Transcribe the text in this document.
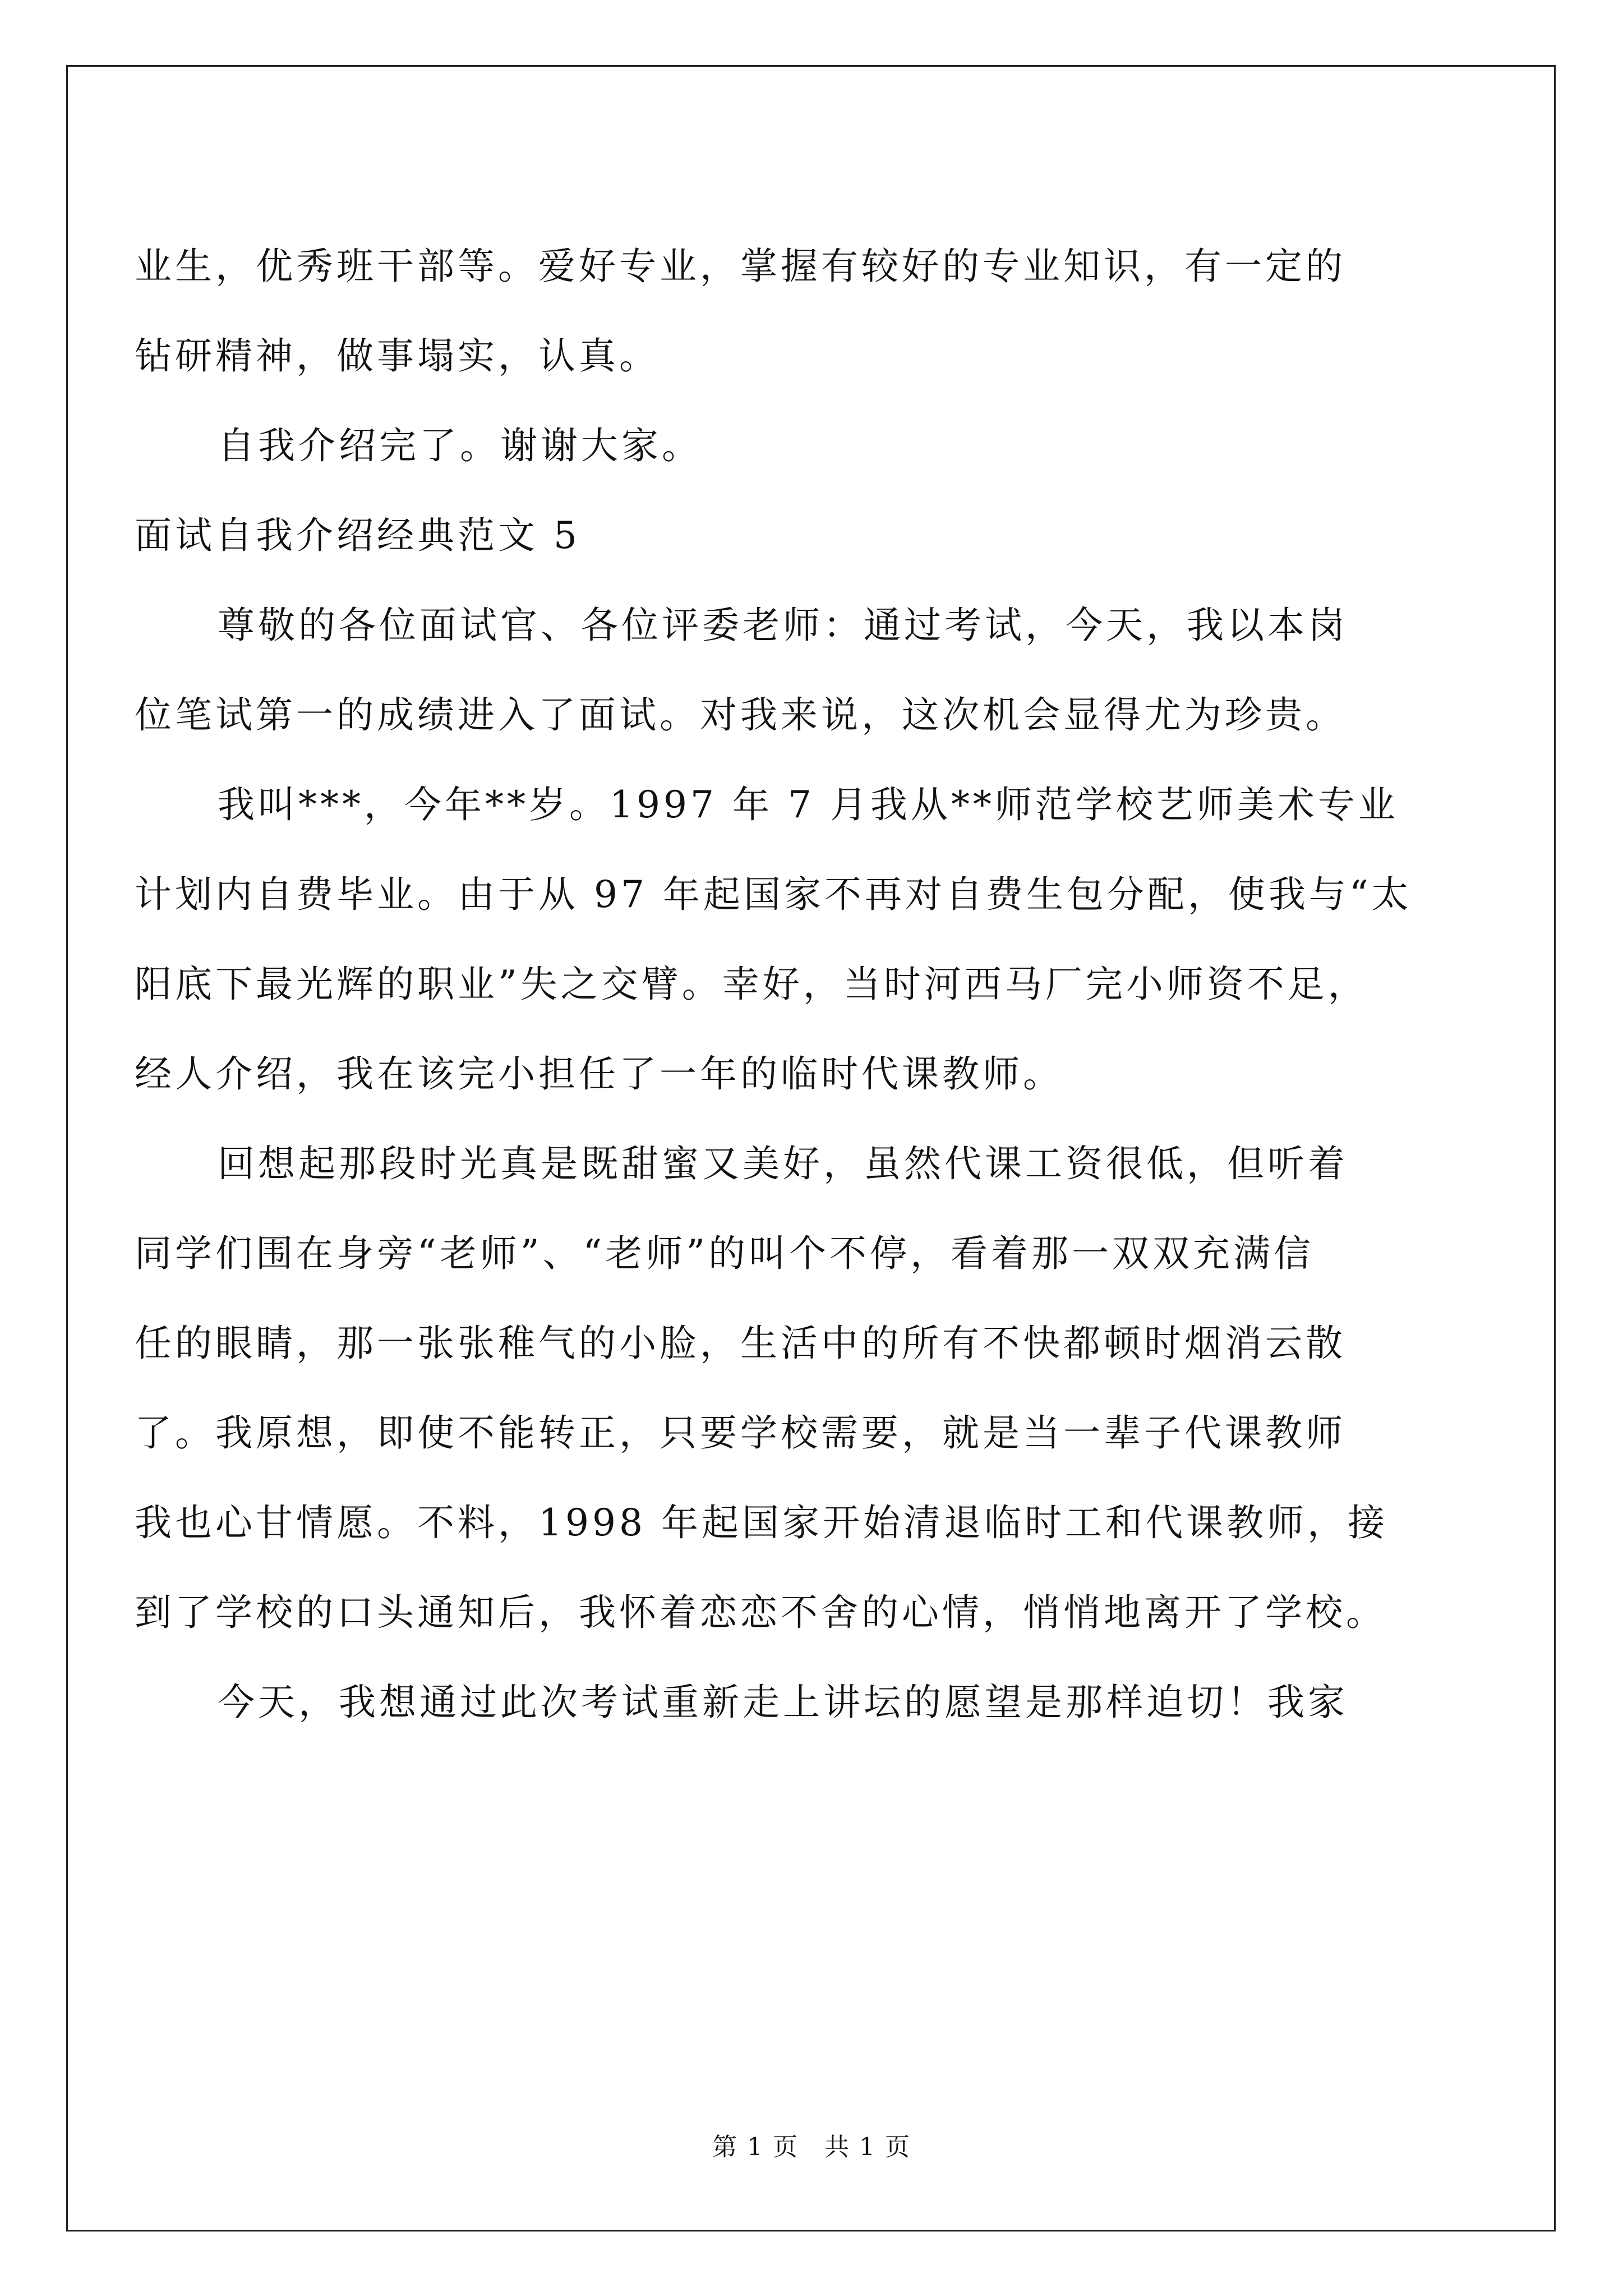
业生，优秀班干部等。爱好专业，掌握有较好的专业知识，有一定的
钻研精神，做事塌实，认真。
自我介绍完了。谢谢大家。
面试自我介绍经典范文 5
尊敬的各位面试官、各位评委老师：通过考试，今天，我以本岗
位笔试第一的成绩进入了面试。对我来说，这次机会显得尤为珍贵。
我叫***，今年**岁。1997 年 7 月我从**师范学校艺师美术专业
计划内自费毕业。由于从 97 年起国家不再对自费生包分配，使我与“太
阳底下最光辉的职业”失之交臂。幸好，当时河西马厂完小师资不足，
经人介绍，我在该完小担任了一年的临时代课教师。
回想起那段时光真是既甜蜜又美好，虽然代课工资很低，但听着
同学们围在身旁“老师”、“老师”的叫个不停，看着那一双双充满信
任的眼睛，那一张张稚气的小脸，生活中的所有不快都顿时烟消云散
了。我原想，即使不能转正，只要学校需要，就是当一辈子代课教师
我也心甘情愿。不料，1998 年起国家开始清退临时工和代课教师，接
到了学校的口头通知后，我怀着恋恋不舍的心情，悄悄地离开了学校。
今天，我想通过此次考试重新走上讲坛的愿望是那样迫切！我家
第 1 页　共 1 页
